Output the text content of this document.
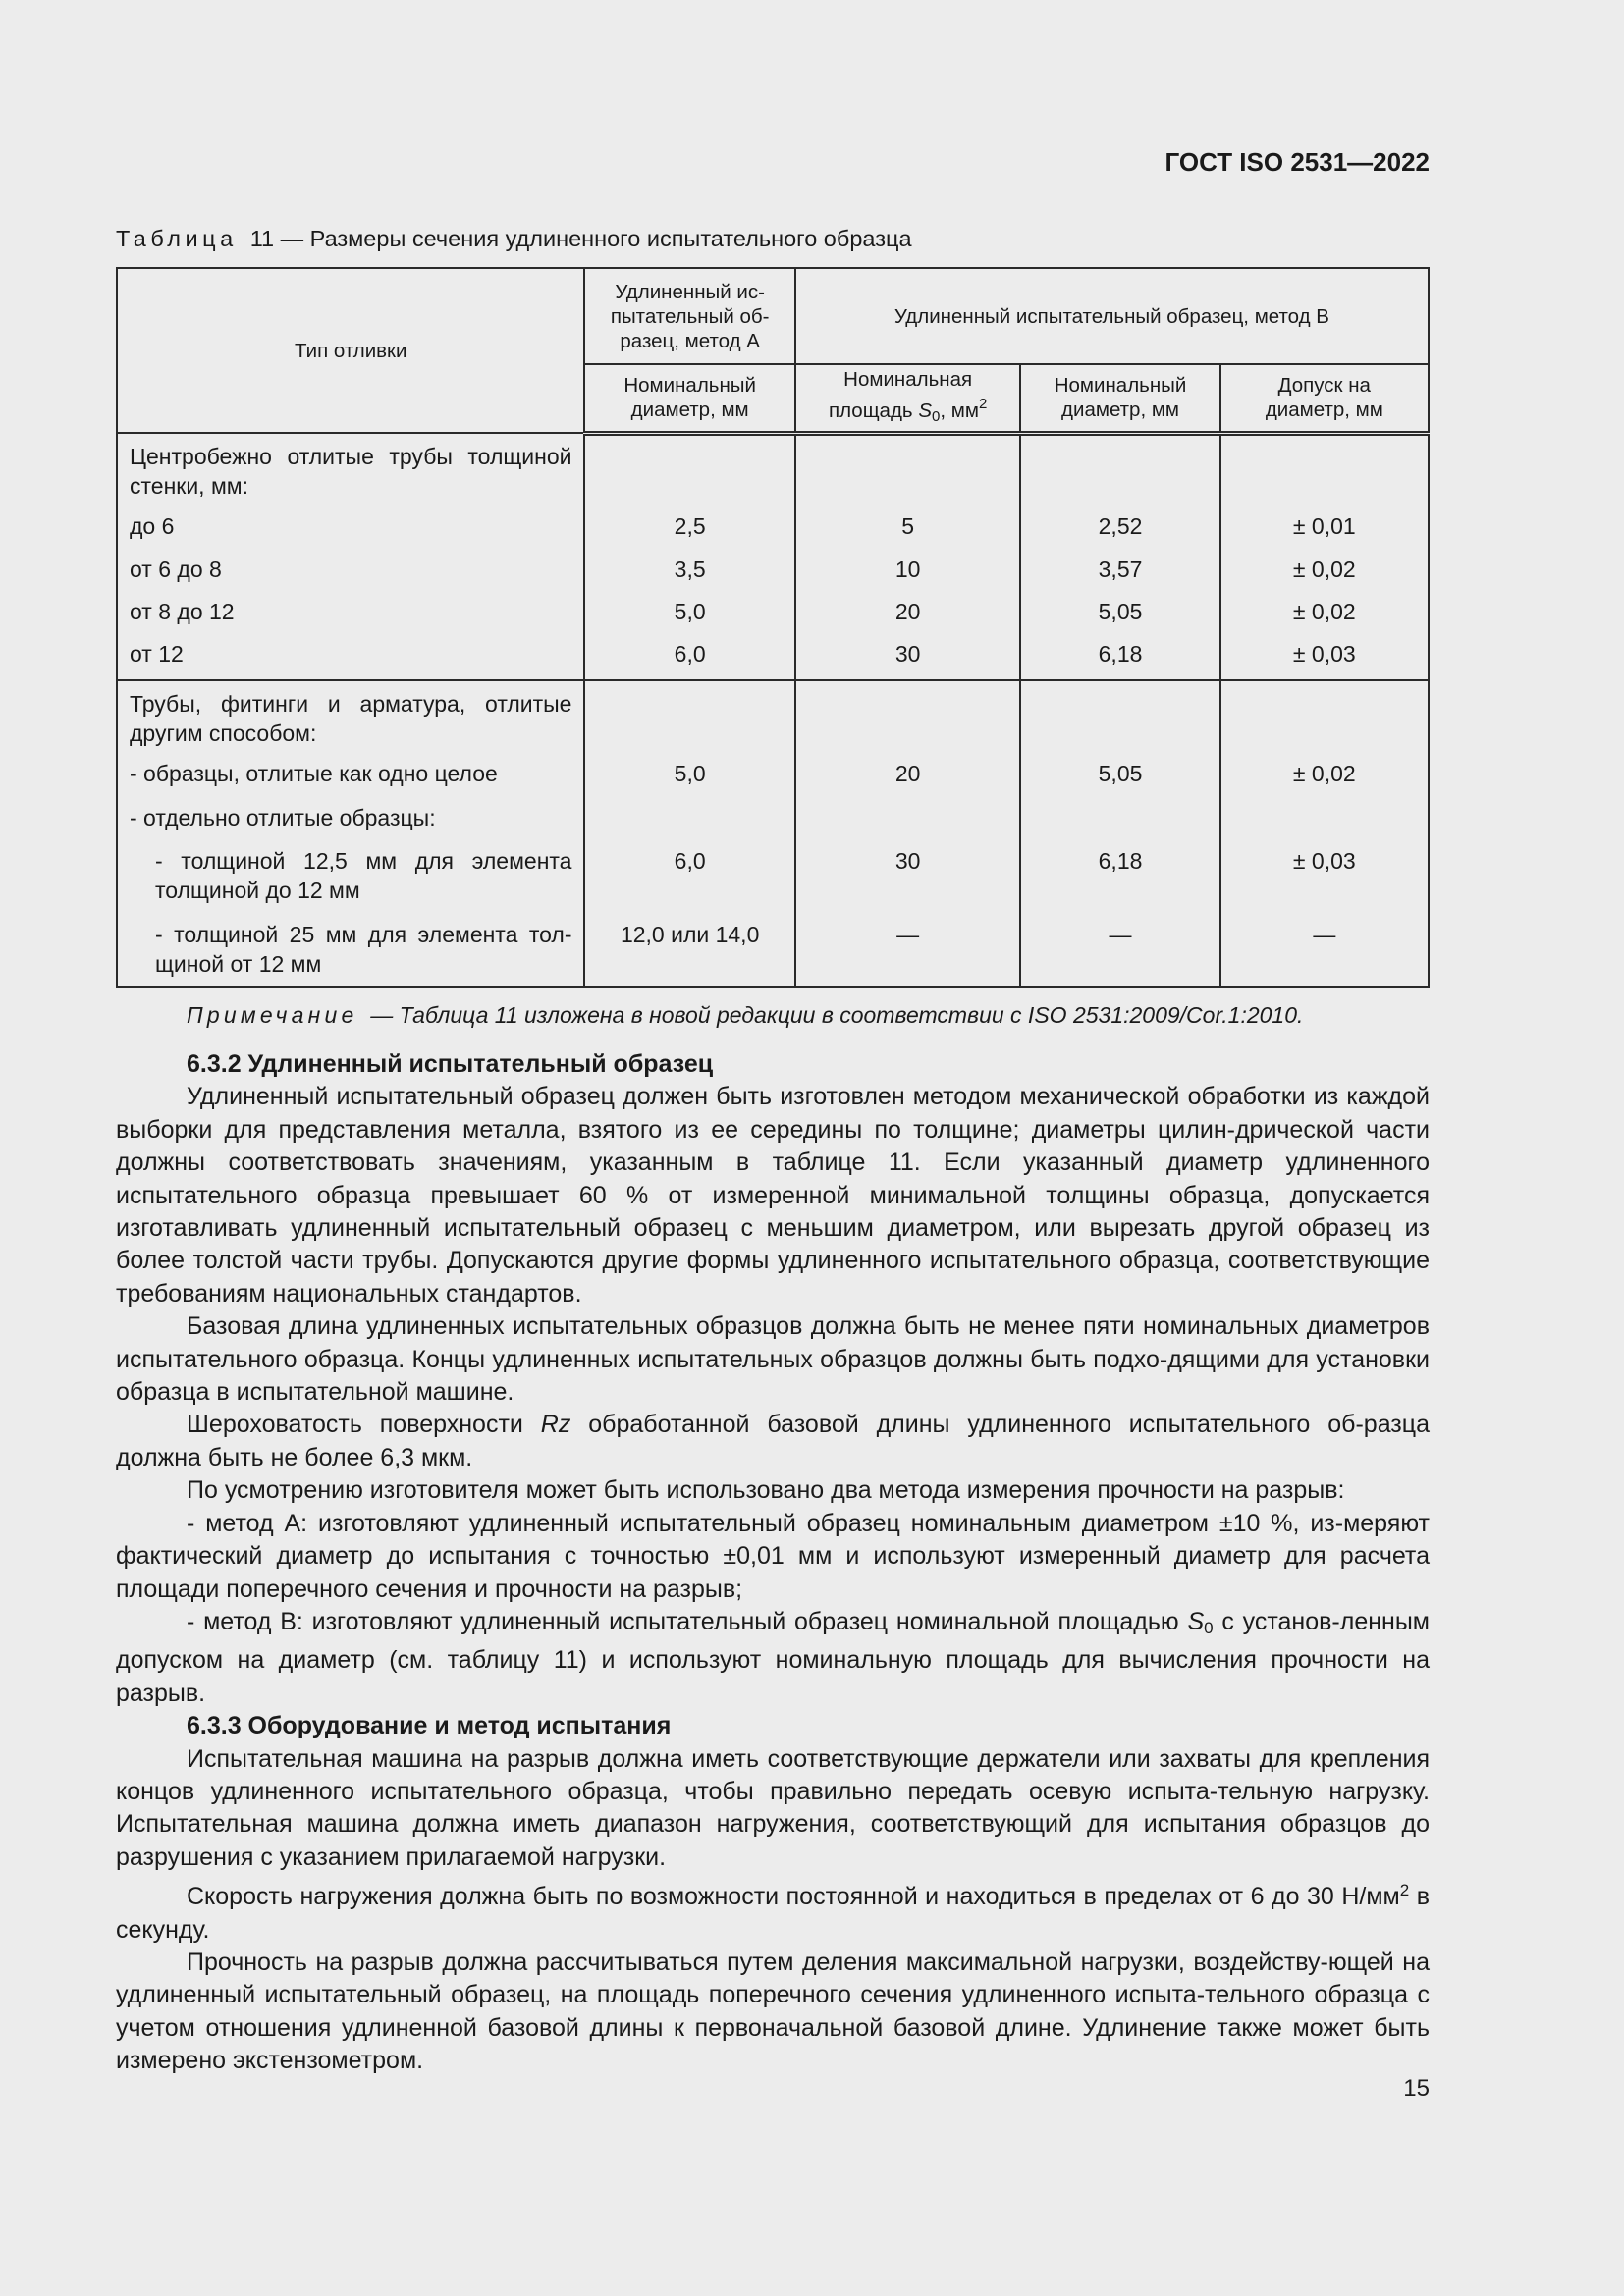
ГОСТ ISO 2531—2022
Таблица 11 — Размеры сечения удлиненного испытательного образца
Тип отливки	Удлиненный ис-пытательный об-разец, метод А	Удлиненный испытательный образец, метод В		
	Номинальный диаметр, мм	Номинальная площадь $S_0$, $мм^2$	Номинальный диаметр, мм	Допуск на диаметр, мм
Центробежно отлитые трубы толщиной стенки, мм:				
до 6	2,5	5	2,52	± 0,01
от 6 до 8	3,5	10	3,57	± 0,02
от 8 до 12	5,0	20	5,05	± 0,02
от 12	6,0	30	6,18	± 0,03
Трубы, фитинги и арматура, отлитые другим способом:				
- образцы, отлитые как одно целое	5,0	20	5,05	± 0,02
- отдельно отлитые образцы:				
- толщиной 12,5 мм для элемента толщиной до 12 мм	6,0	30	6,18	± 0,03
- толщиной 25 мм для элемента тол-щиной от 12 мм	12,0 или 14,0	—	—	—
Примечание — Таблица 11 изложена в новой редакции в соответствии с ISO 2531:2009/Cor.1:2010.
6.3.2 Удлиненный испытательный образец

Удлиненный испытательный образец должен быть изготовлен методом механической обработки из каждой выборки для представления металла, взятого из ее середины по толщине; диаметры цилин-дрической части должны соответствовать значениям, указанным в таблице 11. Если указанный диаметр удлиненного испытательного образца превышает 60 % от измеренной минимальной толщины образца, допускается изготавливать удлиненный испытательный образец с меньшим диаметром, или вырезать другой образец из более толстой части трубы. Допускаются другие формы удлиненного испытательного образца, соответствующие требованиям национальных стандартов.

Базовая длина удлиненных испытательных образцов должна быть не менее пяти номинальных диаметров испытательного образца. Концы удлиненных испытательных образцов должны быть подхо-дящими для установки образца в испытательной машине.

Шероховатость поверхности Rz обработанной базовой длины удлиненного испытательного об-разца должна быть не более 6,3 мкм.

По усмотрению изготовителя может быть использовано два метода измерения прочности на разрыв:

- метод А: изготовляют удлиненный испытательный образец номинальным диаметром ±10 %, из-меряют фактический диаметр до испытания с точностью ±0,01 мм и используют измеренный диаметр для расчета площади поперечного сечения и прочности на разрыв;

- метод В: изготовляют удлиненный испытательный образец номинальной площадью $S_0$ с установ-ленным допуском на диаметр (см. таблицу 11) и используют номинальную площадь для вычисления прочности на разрыв.

6.3.3 Оборудование и метод испытания

Испытательная машина на разрыв должна иметь соответствующие держатели или захваты для крепления концов удлиненного испытательного образца, чтобы правильно передать осевую испыта-тельную нагрузку. Испытательная машина должна иметь диапазон нагружения, соответствующий для испытания образцов до разрушения с указанием прилагаемой нагрузки.

Скорость нагружения должна быть по возможности постоянной и находиться в пределах от 6 до 30 $Н/мм^2$ в секунду.

Прочность на разрыв должна рассчитываться путем деления максимальной нагрузки, воздейству-ющей на удлиненный испытательный образец, на площадь поперечного сечения удлиненного испыта-тельного образца с учетом отношения удлиненной базовой длины к первоначальной базовой длине. Удлинение также может быть измерено экстензометром.

15
